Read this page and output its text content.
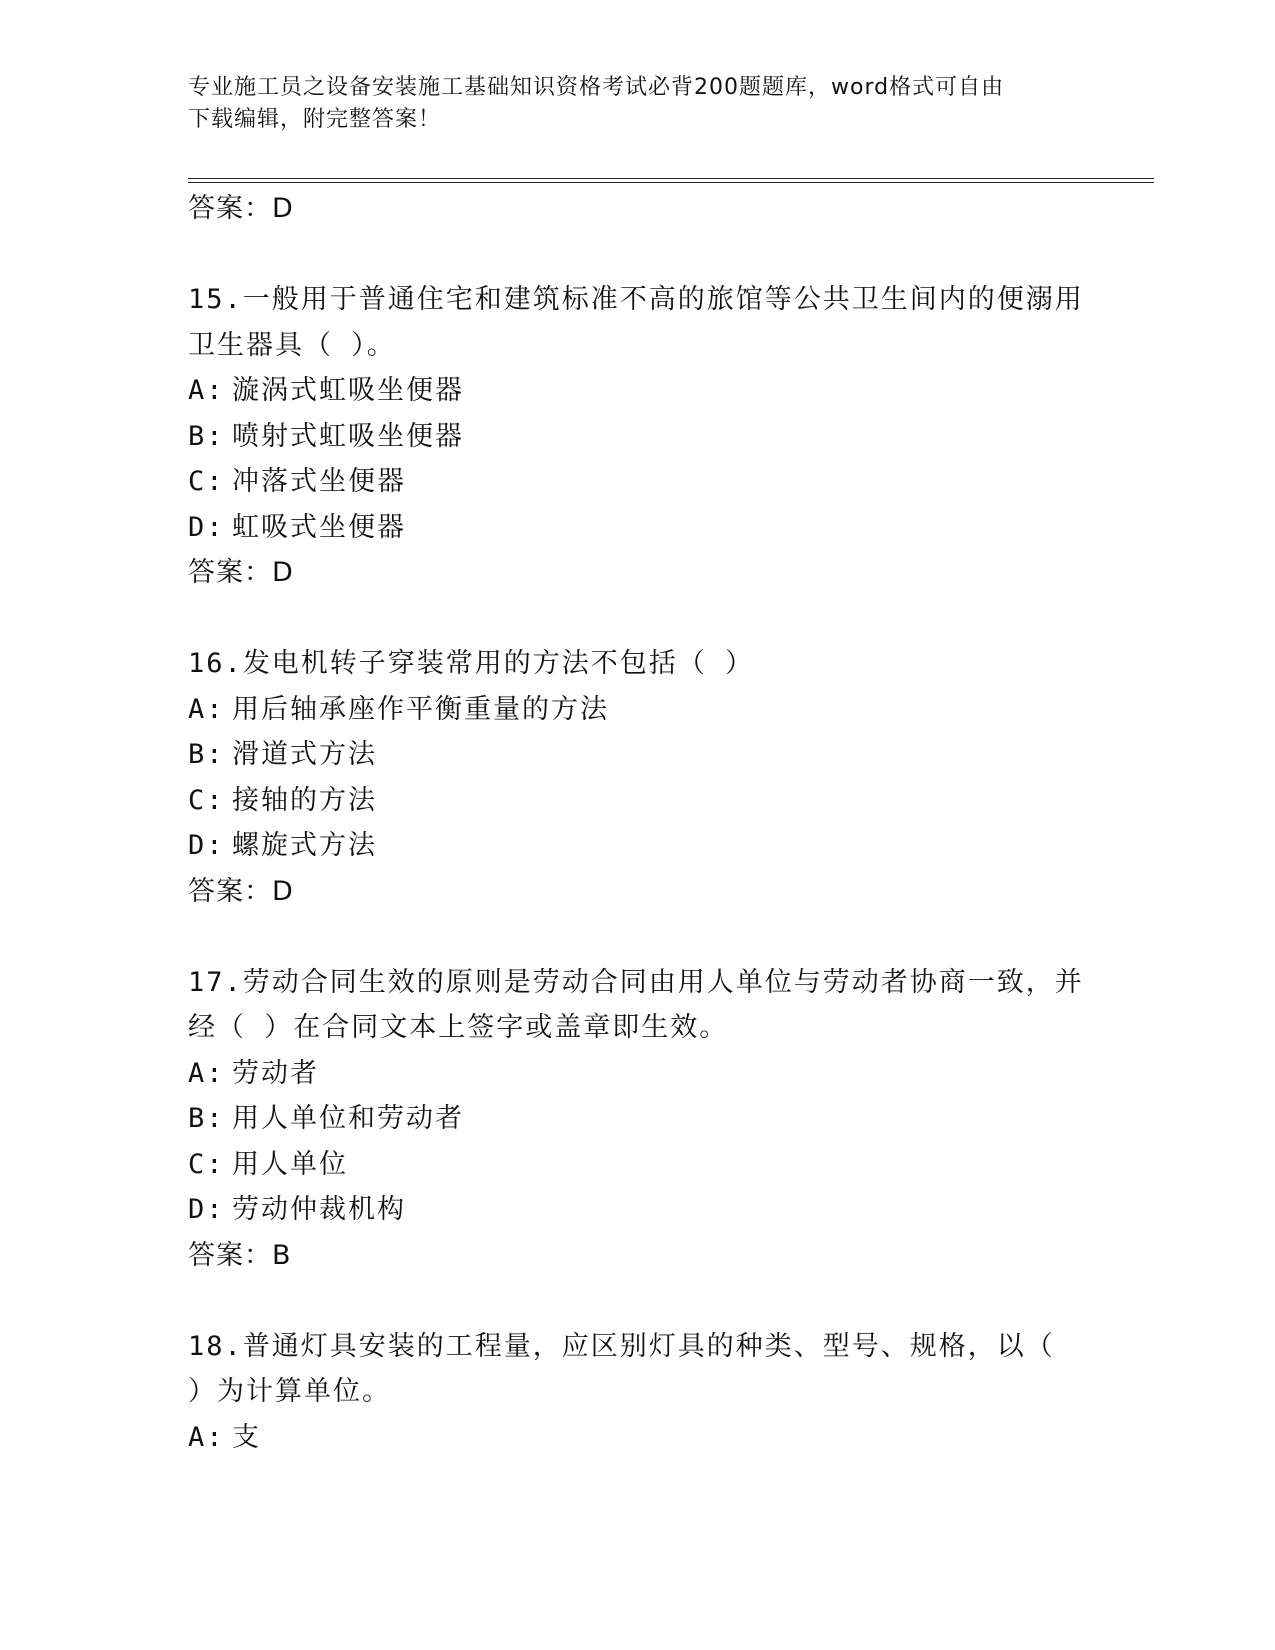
专业施工员之设备安装施工基础知识资格考试必背200题题库，word格式可自由
下载编辑，附完整答案！
答案：D
15.一般用于普通住宅和建筑标准不高的旅馆等公共卫生间内的便溺用
卫生器具（ ）。
A: 漩涡式虹吸坐便器
B: 喷射式虹吸坐便器
C: 冲落式坐便器
D: 虹吸式坐便器
答案：D
16.发电机转子穿装常用的方法不包括（ ）
A: 用后轴承座作平衡重量的方法
B: 滑道式方法
C: 接轴的方法
D: 螺旋式方法
答案：D
17.劳动合同生效的原则是劳动合同由用人单位与劳动者协商一致，并
经（ ）在合同文本上签字或盖章即生效。
A: 劳动者
B: 用人单位和劳动者
C: 用人单位
D: 劳动仲裁机构
答案：B
18.普通灯具安装的工程量，应区别灯具的种类、型号、规格，以（
）为计算单位。
A: 支
